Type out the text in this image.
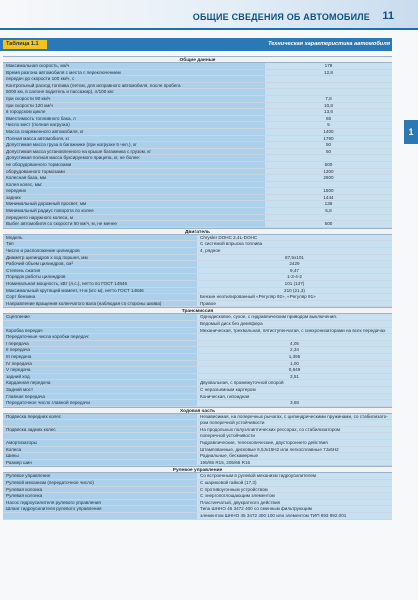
ОБЩИЕ СВЕДЕНИЯ ОБ АВТОМОБИЛЕ 11
Таблица 1.1	Техническая характеристика автомобиля
1
Общие данные
Максимальная скорость, км/ч	178
Время разгона автомобиля с места с переключением	12,8
передач до скорости 100 км/ч, с
Контрольный расход топлива (летом, для исправного автомобиля, после пробега
5000 км, в салоне водитель и пассажир), л/100 км:
при скорости 90 км/ч	7,8
при скорости 120 км/ч	10,8
в городском цикле	13,6
Вместимость топливного бака, л	65
Число мест (полная нагрузка)	5
Масса снаряженного автомобиля, кг	1400
Полная масса автомобиля, кг	1790
Допустимая масса груза в багажнике (при нагрузке 5 чел.), кг	50
Допустимая масса установленного на крыше багажника с грузом, кг	50
Допустимая полная масса буксируемого прицепа, кг, не более:
не оборудованного тормозами	500
оборудованного тормозами	1300
Колесная база, мм	2600
Колея колес, мм:
передних	1500
задних	1444
Минимальный дорожный просвет, мм	136
Минимальный радиус поворота по колее	5,8
переднего наружного колеса, м
Выбег автомобиля со скорости 50 км/ч, м, не менее	500
Двигатель
Модель	Chrysler DOHC 2,4L-DOHC
Тип	С системой впрыска топлива
Число и расположение цилиндров	4, рядное
Диаметр цилиндров x ход поршня, мм	87,5x101
Рабочий объем цилиндров, см³	2429
Степень сжатия	9,47
Порядок работы цилиндров	1-3-4-2
Номинальная мощность, кВт (л.с.), нетто по ГОСТ 14846	101 (137)
Максимальный крутящий момент, Н·м (кгс·м), нетто ГОСТ 14846	210 (21,3)
Сорт бензина	Бензин неэтилированный «Регуляр 92», «Регуляр 91»
Направление вращения коленчатого вала (наблюдая со стороны шкива)	Правое
Трансмиссия
Сцепление	Однодисковое, сухое, с гидравлическим приводом выключения.
Ведомый диск без демпфера
Коробка передач	Механическая, трехвальная, пятиступенчатая, с синхронизаторами на всех передачах
Передаточные числа коробки передач:
I передача	4,05
II передача	2,34
III передача	1,395
IV передача	1,00
V передача	0,849
задний ход	3,51
Карданная передача	Двухвальная, с промежуточной опорой
Задний мост	С неразъемным картером
Главная передача	Коническая, гипоидная
Передаточное число главной передачи	3,58
Ходовая часть
Подвеска передних колес	Независимая, на поперечных рычагах, с цилиндрическими пружинами, со стабилизато-
ром поперечной устойчивости
Подвеска задних колес	На продольных полуэллиптических рессорах, со стабилизатором
поперечной устойчивости
Амортизаторы	Гидравлические, телескопические, двустороннего действия
Колеса	Штампованные, дисковые 6,5Jx15H2 или легкосплавные 7Jx6H2
Шины	Радиальные, бескамерные
Размер шин	195/65 R15, 205/65 R15
Рулевое управление
Рулевое управление	Со встроенным в рулевой механизм гидроусилителем
Рулевой механизм (передаточное число)	С шариковой гайкой (17,3)
Рулевая колонка	С противоугонным устройством
Рулевая колонка	С энергопоглощающим элементом
Насос гидроусилителя рулевого управления	Пластинчатый, двукратного действия
Шланг гидроусилителя рулевого управления	Типа ШННО 45 3472 400 со сменным фильтрующим
элементом ШННО 45 3472 400 100 или элементом ТИП 893 892.001
